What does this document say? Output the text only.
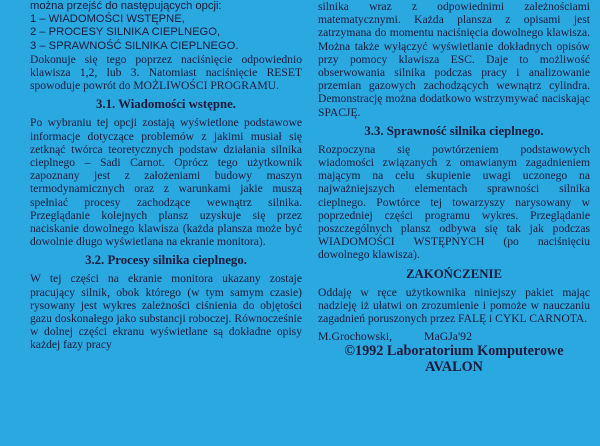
można przejść do następujących opcji:

1 – WIADOMOŚCI WSTĘPNE,

2 – PROCESY SILNIKA CIEPLNEGO,

3 – SPRAWNOŚĆ SILNIKA CIEPLNEGO.

Dokonuje się tego poprzez naciśnięcie odpowiednio klawisza 1,2, lub 3. Natomiast naciśnięcie RESET spowoduje powrót do MOŻLIWOŚCI PROGRAMU.

3.1. Wiadomości wstępne.

Po wybraniu tej opcji zostają wyświetlone podstawowe informacje dotyczące problemów z jakimi musiał się zetknąć twórca teoretycznych podstaw działania silnika cieplnego – Sadi Carnot. Oprócz tego użytkownik zapoznany jest z założeniami budowy maszyn termodynamicznych oraz z warunkami jakie muszą spełniać procesy zachodzące wewnątrz silnika. Przeglądanie kolejnych plansz uzyskuje się przez naciskanie dowolnego klawisza (każda plansza może być dowolnie długo wyświetlana na ekranie monitora).

3.2. Procesy silnika cieplnego.

W tej części na ekranie monitora ukazany zostaje pracujący silnik, obok którego (w tym samym czasie) rysowany jest wykres zależności ciśnienia do objętości gazu doskonałego jako substancji roboczej. Równocześnie w dolnej części ekranu wyświetlane są dokładne opisy każdej fazy pracy

silnika wraz z odpowiednimi zależnościami matematycznymi. Każda plansza z opisami jest zatrzymana do momentu naciśnięcia dowolnego klawisza. Można także wyłączyć wyświetlanie dokładnych opisów przy pomocy klawisza ESC. Daje to możliwość obserwowania silnika podczas pracy i analizowanie przemian gazowych zachodzących wewnątrz cylindra. Demonstrację można dodatkowo wstrzymywać naciskając SPACJĘ.

3.3. Sprawność silnika cieplnego.

Rozpoczyna się powtórzeniem podstawowych wiadomości związanych z omawianym zagadnieniem mającym na celu skupienie uwagi uczonego na najważniejszych elementach sprawności silnika cieplnego. Powtórce tej towarzyszy narysowany w poprzedniej części programu wykres. Przeglądanie poszczególnych plansz odbywa się tak jak podczas WIADOMOŚCI WSTĘPNYCH (po naciśnięciu dowolnego klawisza).

ZAKOŃCZENIE

Oddaję w ręce użytkownika niniejszy pakiet mając nadzieję iż ułatwi on zrozumienie i pomoże w nauczaniu zagadnień poruszonych przez FALĘ i CYKL CARNOTA.

M.Grochowski,	MaGJa'92

©1992 Laboratorium Komputerowe

AVALON
